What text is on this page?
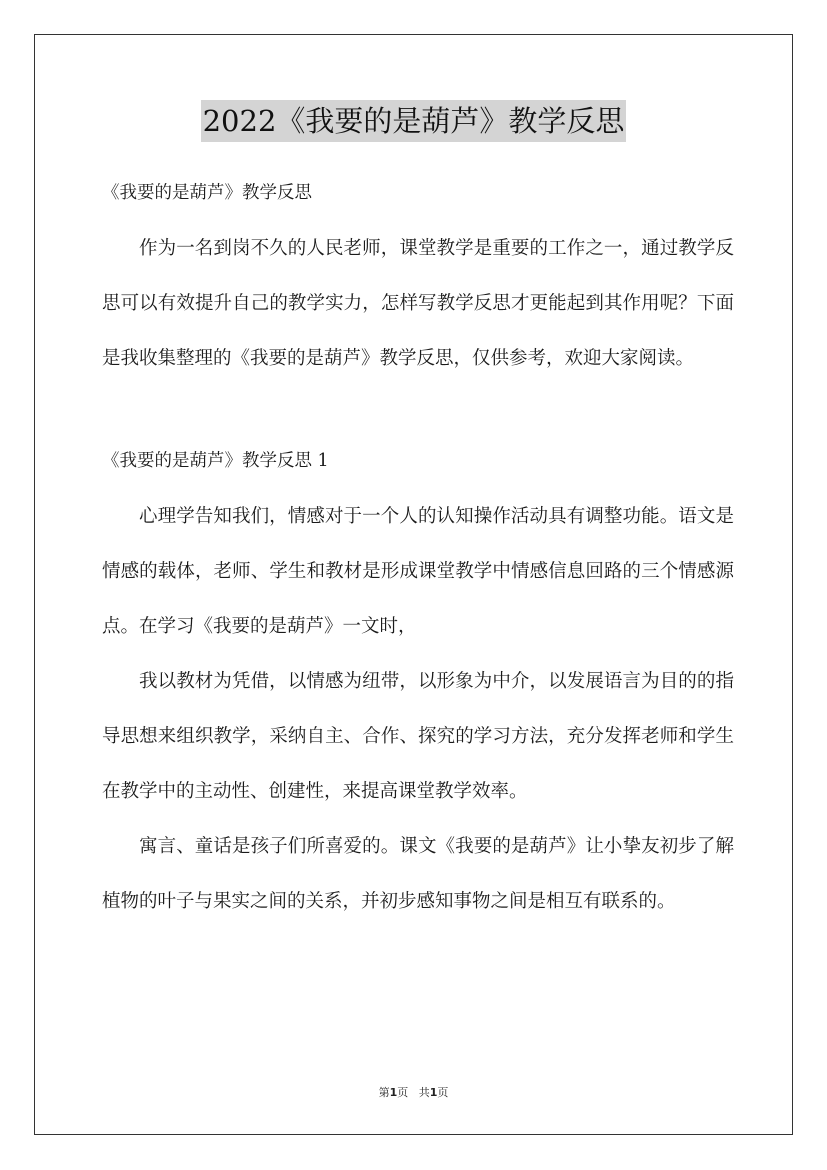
2022《我要的是葫芦》教学反思

《我要的是葫芦》教学反思

作为一名到岗不久的人民老师，课堂教学是重要的工作之一，通过教学反思可以有效提升自己的教学实力，怎样写教学反思才更能起到其作用呢？下面是我收集整理的《我要的是葫芦》教学反思，仅供参考，欢迎大家阅读。

《我要的是葫芦》教学反思 1

心理学告知我们，情感对于一个人的认知操作活动具有调整功能。语文是情感的载体，老师、学生和教材是形成课堂教学中情感信息回路的三个情感源点。在学习《我要的是葫芦》一文时，

我以教材为凭借，以情感为纽带，以形象为中介，以发展语言为目的的指导思想来组织教学，采纳自主、合作、探究的学习方法，充分发挥老师和学生在教学中的主动性、创建性，来提高课堂教学效率。

寓言、童话是孩子们所喜爱的。课文《我要的是葫芦》让小挚友初步了解植物的叶子与果实之间的关系，并初步感知事物之间是相互有联系的。

第1页 共1页
